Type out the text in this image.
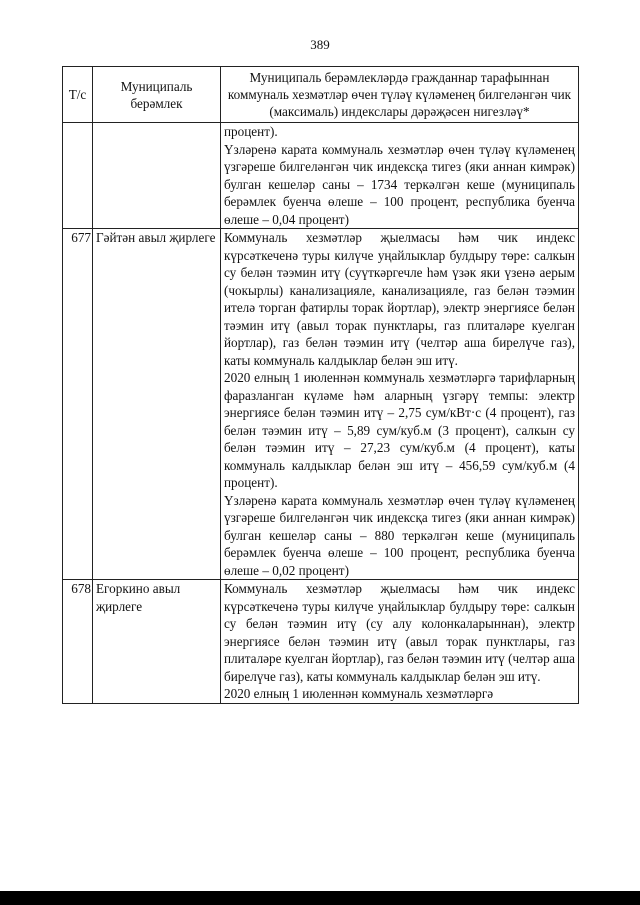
389
Т/с	Муниципаль берәмлек	Муниципаль берәмлекләрдә гражданнар тарафыннан коммуналь хезмәтләр өчен түләү күләменең билгеләнгән чик (максималь) индекслары дәрәҗәсен нигезләү*

		процент).
Үзләренә карата коммуналь хезмәтләр өчен түләү күләменең үзгәреше билгеләнгән чик индексқа тигез (яки аннан кимрәк) булган кешеләр саны – 1734 теркәлгән кеше (муниципаль берәмлек буенча өлеше – 100 процент, республика буенча өлеше – 0,04 процент)

677	Гәйтән авыл җирлеге	Коммуналь хезмәтләр җыелмасы һәм чик индекс күрсәткеченә туры килүче уңайлыклар булдыру төре: салкын су белән тәэмин итү (суүткәргечле һәм үзәк яки үзенә аерым (чокырлы) канализацияле, канализацияле, газ белән тәэмин ителә торган фатирлы торак йортлар), электр энергиясе белән тәэмин итү (авыл торак пунктлары, газ плиталәре куелган йортлар), газ белән тәэмин итү (челтәр аша бирелүче газ), каты коммуналь калдыклар белән эш итү.
2020 елның 1 июленнән коммуналь хезмәтләргә тарифларның фаразланган күләме һәм аларның үзгәрү темпы: электр энергиясе белән тәэмин итү – 2,75 сум/кВт·с (4 процент), газ белән тәэмин итү – 5,89 сум/куб.м (3 процент), салкын су белән тәэмин итү – 27,23 сум/куб.м (4 процент), каты коммуналь калдыклар белән эш итү – 456,59 сум/куб.м (4 процент).
Үзләренә карата коммуналь хезмәтләр өчен түләү күләменең үзгәреше билгеләнгән чик индексқа тигез (яки аннан кимрәк) булган кешеләр саны – 880 теркәлгән кеше (муниципаль берәмлек буенча өлеше – 100 процент, республика буенча өлеше – 0,02 процент)

678	Егоркино авыл җирлеге	Коммуналь хезмәтләр җыелмасы һәм чик индекс күрсәткеченә туры килүче уңайлыклар булдыру төре: салкын су белән тәэмин итү (су алу колонкаларыннан), электр энергиясе белән тәэмин итү (авыл торак пунктлары, газ плиталәре куелган йортлар), газ белән тәэмин итү (челтәр аша бирелүче газ), каты коммуналь калдыклар белән эш итү.
2020 елның 1 июленнән коммуналь хезмәтләргә
